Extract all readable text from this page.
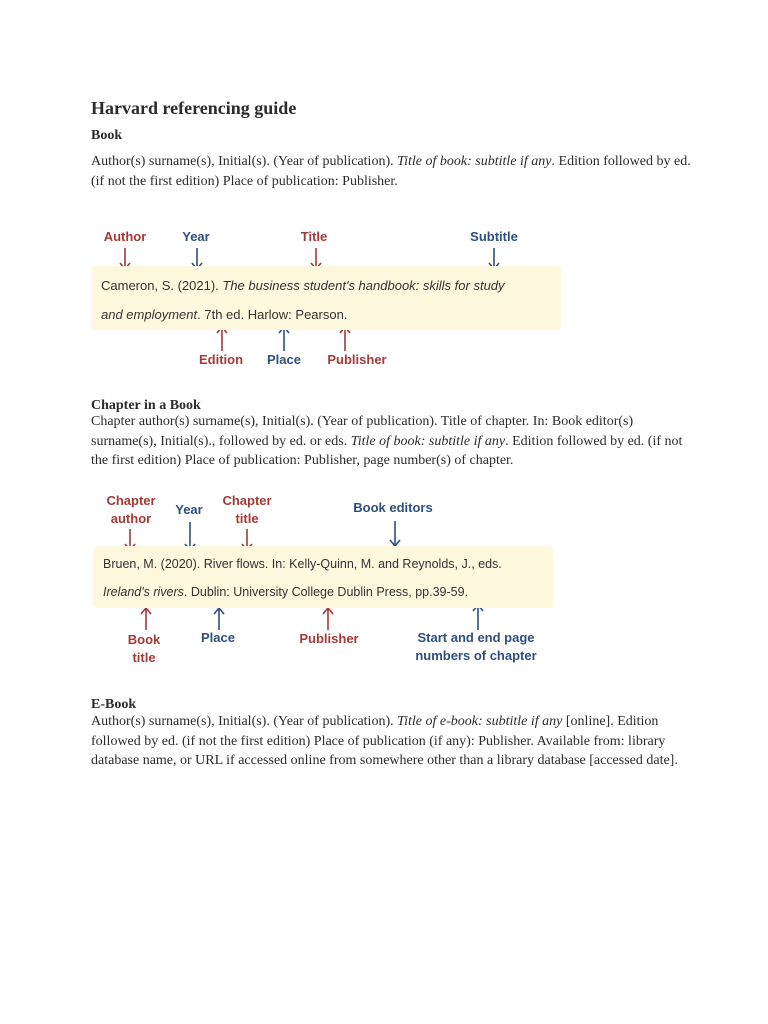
Harvard referencing guide
Book
Author(s) surname(s), Initial(s). (Year of publication). Title of book: subtitle if any. Edition followed by ed. (if not the first edition) Place of publication: Publisher.
Author	Year	Title	Subtitle
Cameron, S. (2021). The business student's handbook: skills for study
and employment. 7th ed. Harlow: Pearson.
Edition	Place	Publisher
Chapter in a Book
Chapter author(s) surname(s), Initial(s). (Year of publication). Title of chapter. In: Book editor(s) surname(s), Initial(s)., followed by ed. or eds. Title of book: subtitle if any. Edition followed by ed. (if not the first edition) Place of publication: Publisher, page number(s) of chapter.
Chapter
author
Year
Chapter
title
Book editors
Bruen, M. (2020). River flows. In: Kelly-Quinn, M. and Reynolds, J., eds.
Ireland's rivers. Dublin: University College Dublin Press, pp.39-59.
Book
title
Place	Publisher	Start and end page
numbers of chapter
E-Book
Author(s) surname(s), Initial(s). (Year of publication). Title of e-book: subtitle if any [online]. Edition followed by ed. (if not the first edition) Place of publication (if any): Publisher. Available from: library database name, or URL if accessed online from somewhere other than a library database [accessed date].
